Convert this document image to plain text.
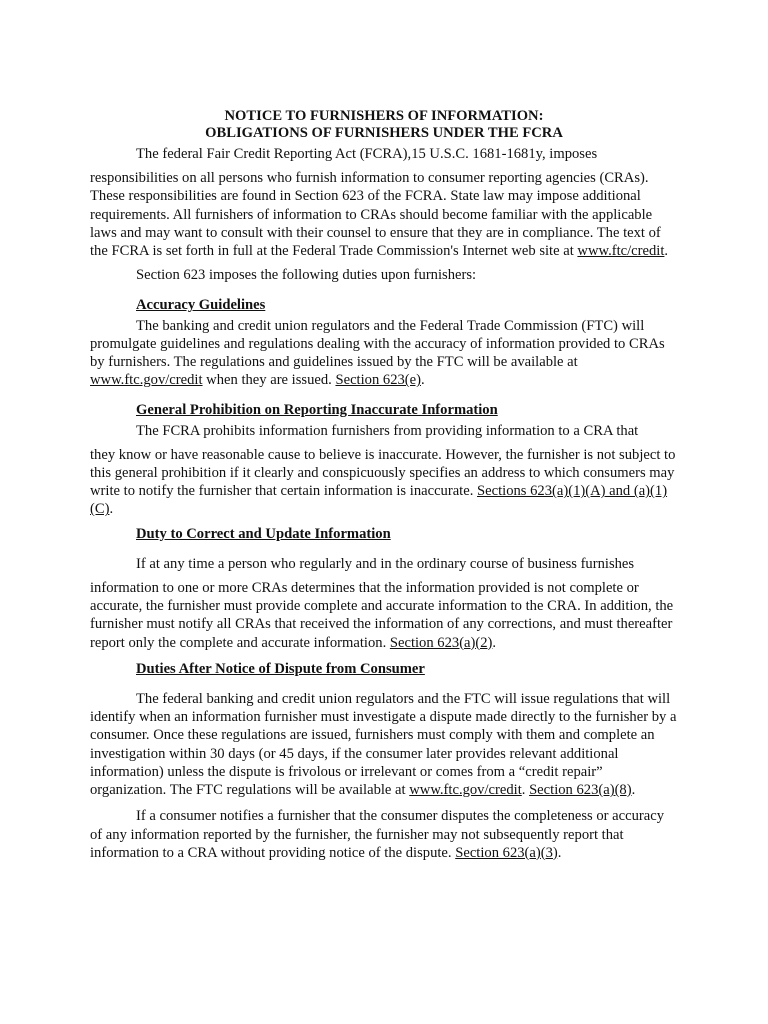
NOTICE TO FURNISHERS OF INFORMATION:

OBLIGATIONS OF FURNISHERS UNDER THE FCRA

The federal Fair Credit Reporting Act (FCRA),15 U.S.C. 1681-1681y, imposes

responsibilities on all persons who furnish information to consumer reporting agencies (CRAs). These responsibilities are found in Section 623 of the FCRA. State law may impose additional requirements. All furnishers of information to CRAs should become familiar with the applicable laws and may want to consult with their counsel to ensure that they are in compliance. The text of the FCRA is set forth in full at the Federal Trade Commission's Internet web site at www.ftc/credit.

Section 623 imposes the following duties upon furnishers:

Accuracy Guidelines

The banking and credit union regulators and the Federal Trade Commission (FTC) will promulgate guidelines and regulations dealing with the accuracy of information provided to CRAs by furnishers. The regulations and guidelines issued by the FTC will be available at www.ftc.gov/credit when they are issued. Section 623(e).

General Prohibition on Reporting Inaccurate Information

The FCRA prohibits information furnishers from providing information to a CRA that

they know or have reasonable cause to believe is inaccurate. However, the furnisher is not subject to this general prohibition if it clearly and conspicuously specifies an address to which consumers may write to notify the furnisher that certain information is inaccurate. Sections 623(a)(1)(A) and (a)(1)(C).

Duty to Correct and Update Information

If at any time a person who regularly and in the ordinary course of business furnishes

information to one or more CRAs determines that the information provided is not complete or accurate, the furnisher must provide complete and accurate information to the CRA. In addition, the furnisher must notify all CRAs that received the information of any corrections, and must thereafter report only the complete and accurate information. Section 623(a)(2).

Duties After Notice of Dispute from Consumer

The federal banking and credit union regulators and the FTC will issue regulations that will identify when an information furnisher must investigate a dispute made directly to the furnisher by a consumer. Once these regulations are issued, furnishers must comply with them and complete an investigation within 30 days (or 45 days, if the consumer later provides relevant additional information) unless the dispute is frivolous or irrelevant or comes from a “credit repair” organization. The FTC regulations will be available at www.ftc.gov/credit. Section 623(a)(8).

If a consumer notifies a furnisher that the consumer disputes the completeness or accuracy of any information reported by the furnisher, the furnisher may not subsequently report that information to a CRA without providing notice of the dispute. Section 623(a)(3).
